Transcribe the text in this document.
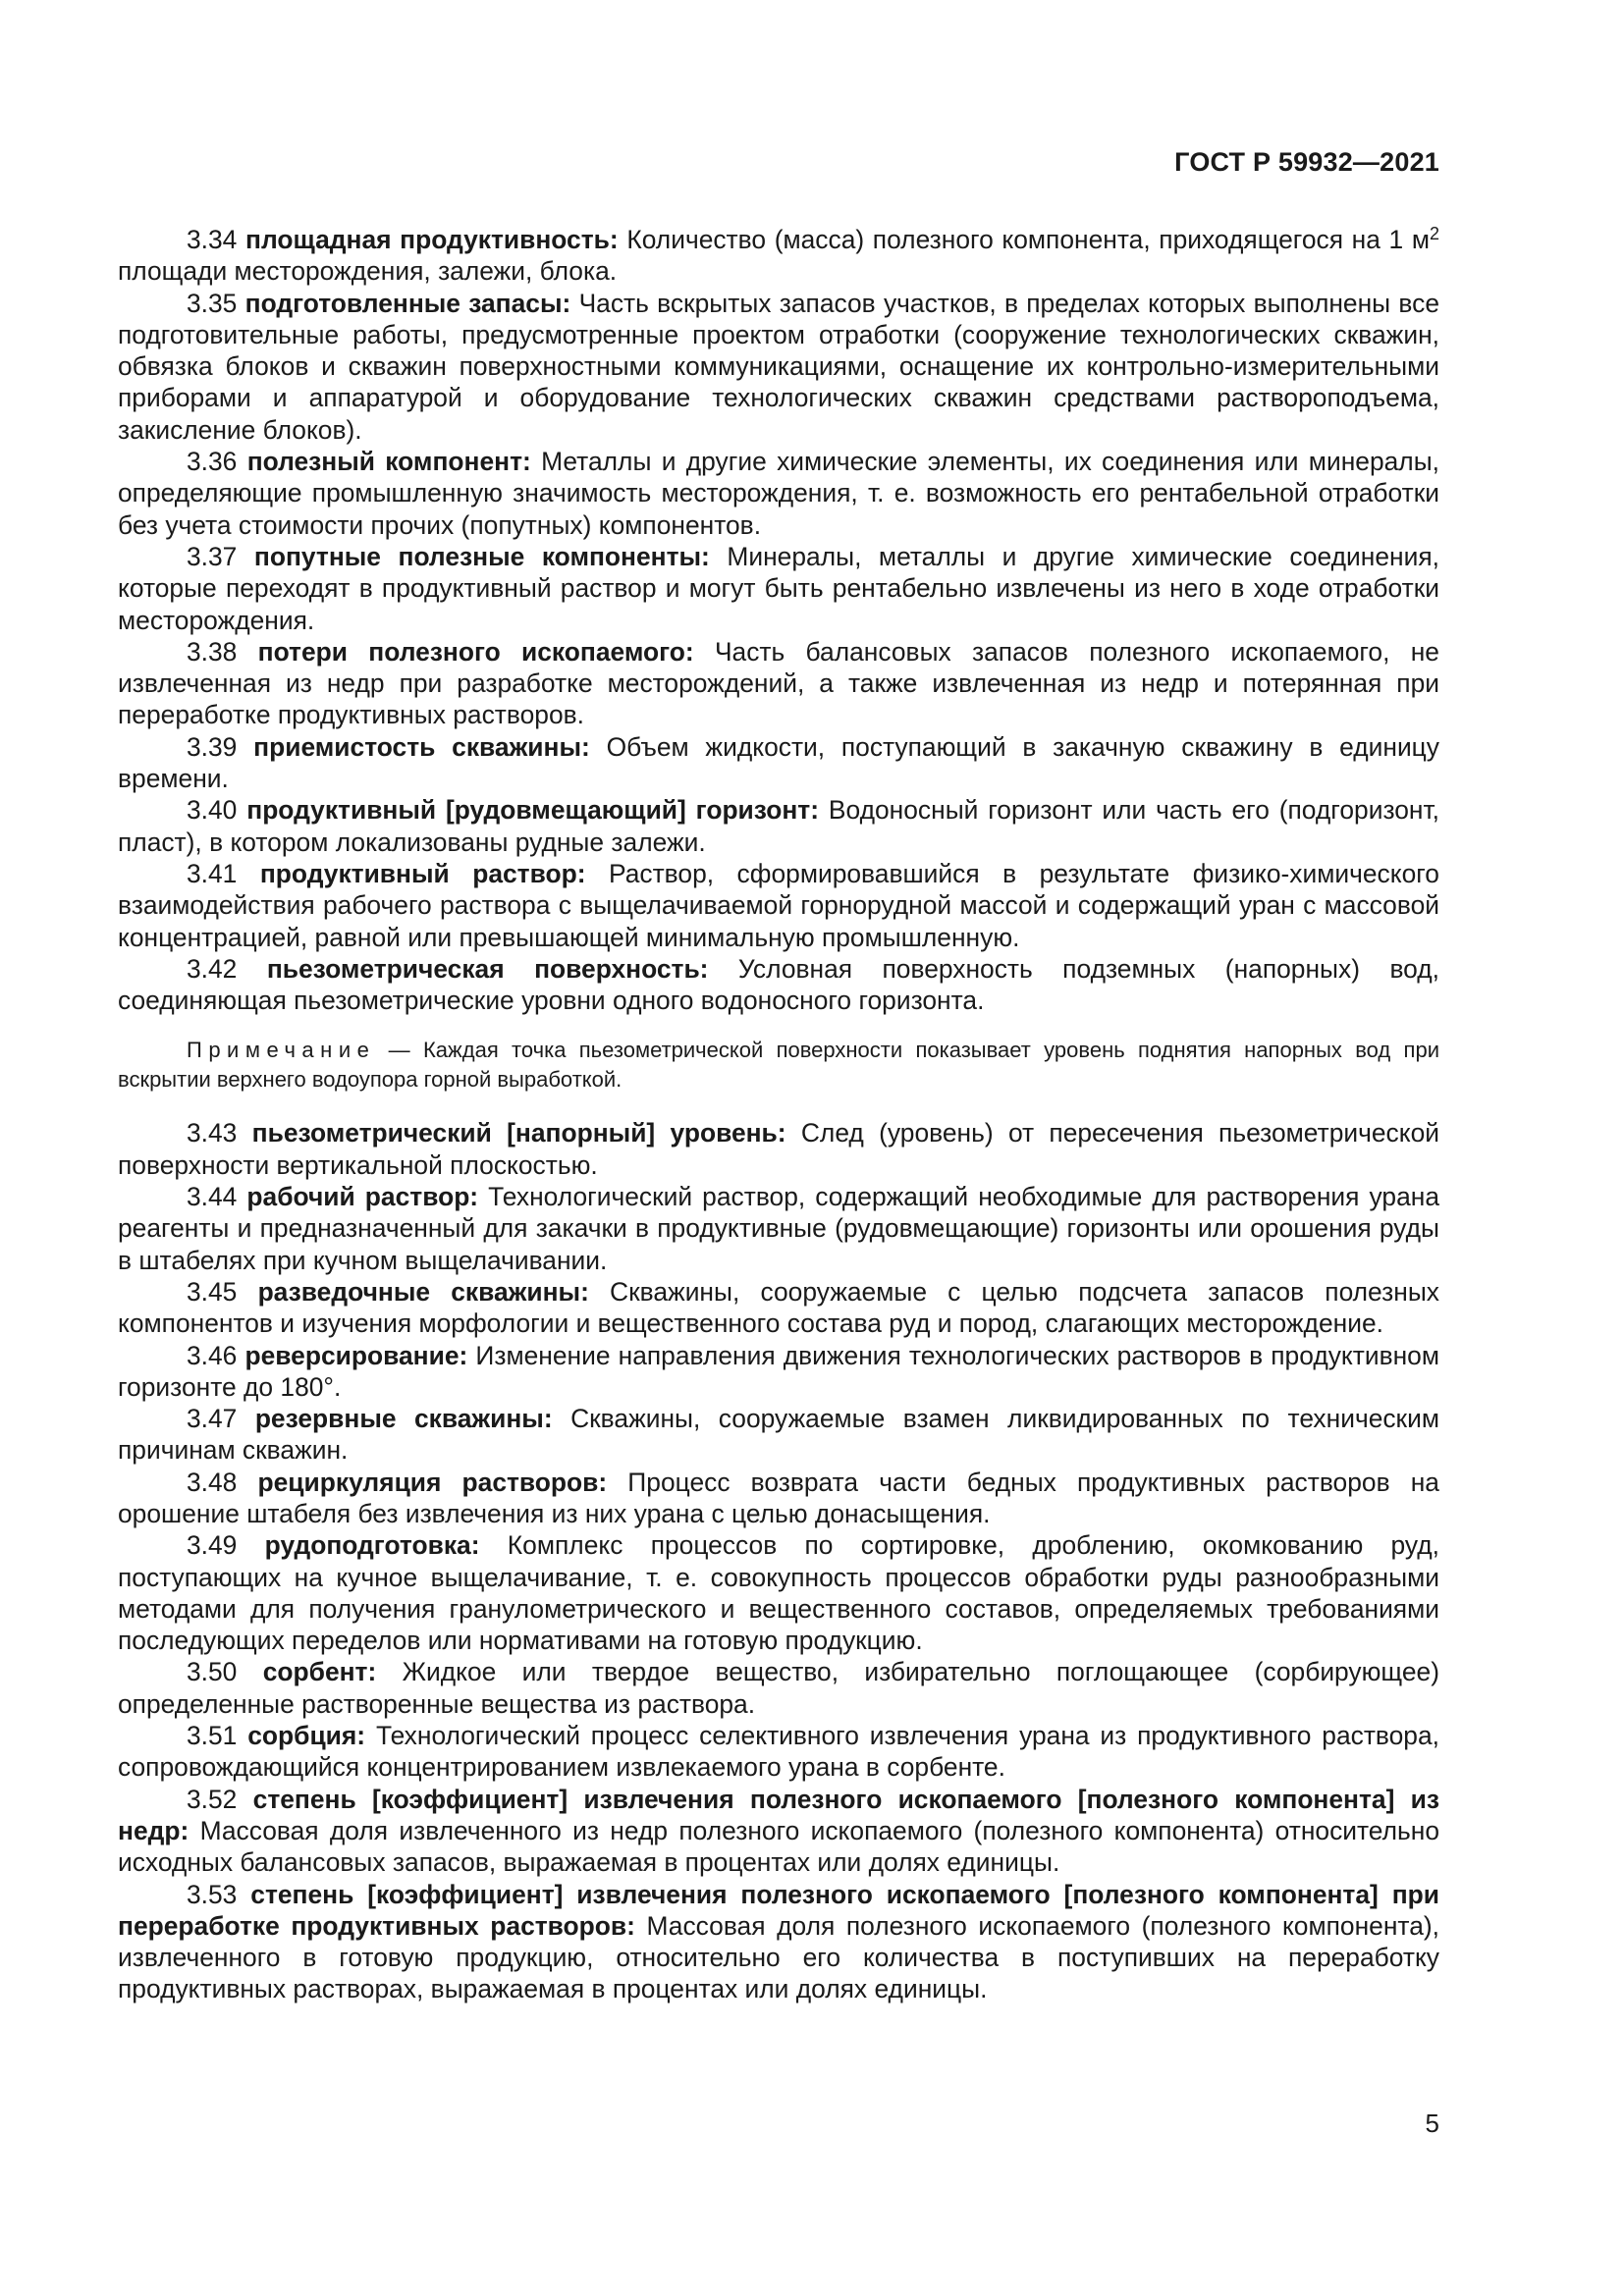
ГОСТ Р 59932—2021

3.34 площадная продуктивность: Количество (масса) полезного компонента, приходящегося на 1 $м^2$ площади месторождения, залежи, блока.

3.35 подготовленные запасы: Часть вскрытых запасов участков, в пределах которых выполнены все подготовительные работы, предусмотренные проектом отработки (сооружение технологических скважин, обвязка блоков и скважин поверхностными коммуникациями, оснащение их контрольно-измерительными приборами и аппаратурой и оборудование технологических скважин средствами раствороподъема, закисление блоков).

3.36 полезный компонент: Металлы и другие химические элементы, их соединения или минералы, определяющие промышленную значимость месторождения, т. е. возможность его рентабельной отработки без учета стоимости прочих (попутных) компонентов.

3.37 попутные полезные компоненты: Минералы, металлы и другие химические соединения, которые переходят в продуктивный раствор и могут быть рентабельно извлечены из него в ходе отработки месторождения.

3.38 потери полезного ископаемого: Часть балансовых запасов полезного ископаемого, не извлеченная из недр при разработке месторождений, а также извлеченная из недр и потерянная при переработке продуктивных растворов.

3.39 приемистость скважины: Объем жидкости, поступающий в закачную скважину в единицу времени.

3.40 продуктивный [рудовмещающий] горизонт: Водоносный горизонт или часть его (подгоризонт, пласт), в котором локализованы рудные залежи.

3.41 продуктивный раствор: Раствор, сформировавшийся в результате физико-химического взаимодействия рабочего раствора с выщелачиваемой горнорудной массой и содержащий уран с массовой концентрацией, равной или превышающей минимальную промышленную.

3.42 пьезометрическая поверхность: Условная поверхность подземных (напорных) вод, соединяющая пьезометрические уровни одного водоносного горизонта.

Примечание — Каждая точка пьезометрической поверхности показывает уровень поднятия напорных вод при вскрытии верхнего водоупора горной выработкой.

3.43 пьезометрический [напорный] уровень: След (уровень) от пересечения пьезометрической поверхности вертикальной плоскостью.

3.44 рабочий раствор: Технологический раствор, содержащий необходимые для растворения урана реагенты и предназначенный для закачки в продуктивные (рудовмещающие) горизонты или орошения руды в штабелях при кучном выщелачивании.

3.45 разведочные скважины: Скважины, сооружаемые с целью подсчета запасов полезных компонентов и изучения морфологии и вещественного состава руд и пород, слагающих месторождение.

3.46 реверсирование: Изменение направления движения технологических растворов в продуктивном горизонте до 180°.

3.47 резервные скважины: Скважины, сооружаемые взамен ликвидированных по техническим причинам скважин.

3.48 рециркуляция растворов: Процесс возврата части бедных продуктивных растворов на орошение штабеля без извлечения из них урана с целью донасыщения.

3.49 рудоподготовка: Комплекс процессов по сортировке, дроблению, окомкованию руд, поступающих на кучное выщелачивание, т. е. совокупность процессов обработки руды разнообразными методами для получения гранулометрического и вещественного составов, определяемых требованиями последующих переделов или нормативами на готовую продукцию.

3.50 сорбент: Жидкое или твердое вещество, избирательно поглощающее (сорбирующее) определенные растворенные вещества из раствора.

3.51 сорбция: Технологический процесс селективного извлечения урана из продуктивного раствора, сопровождающийся концентрированием извлекаемого урана в сорбенте.

3.52 степень [коэффициент] извлечения полезного ископаемого [полезного компонента] из недр: Массовая доля извлеченного из недр полезного ископаемого (полезного компонента) относительно исходных балансовых запасов, выражаемая в процентах или долях единицы.

3.53 степень [коэффициент] извлечения полезного ископаемого [полезного компонента] при переработке продуктивных растворов: Массовая доля полезного ископаемого (полезного компонента), извлеченного в готовую продукцию, относительно его количества в поступивших на переработку продуктивных растворах, выражаемая в процентах или долях единицы.

5
